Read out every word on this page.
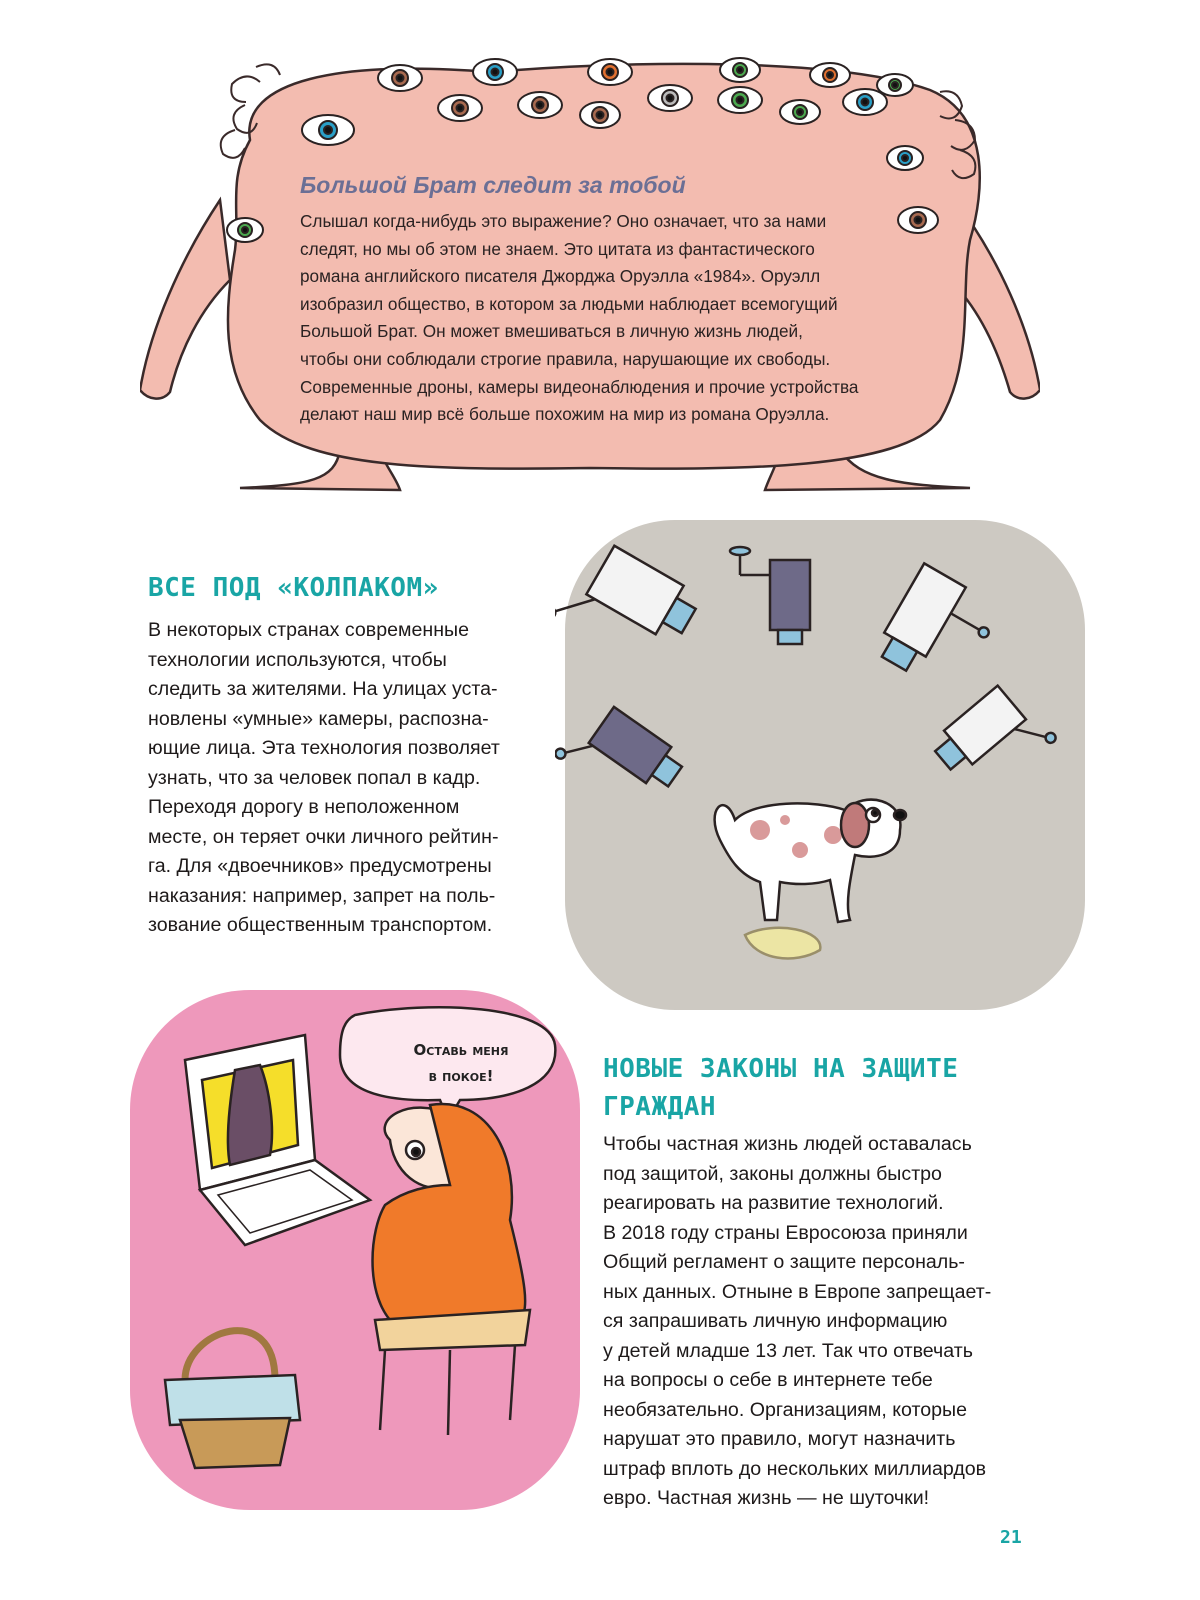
Большой Брат следит за тобой
Слышал когда-нибудь это выражение? Оно означает, что за нами
следят, но мы об этом не знаем. Это цитата из фантастического
романа английского писателя Джорджа Оруэлла «1984». Оруэлл
изобразил общество, в котором за людьми наблюдает всемогущий
Большой Брат. Он может вмешиваться в личную жизнь людей,
чтобы они соблюдали строгие правила, нарушающие их свободы.
Современные дроны, камеры видеонаблюдения и прочие устройства
делают наш мир всё больше похожим на мир из романа Оруэлла.
ВСЕ ПОД «КОЛПАКОМ»
В некоторых странах современные
технологии используются, чтобы
следить за жителями. На улицах уста-
новлены «умные» камеры, распозна-
ющие лица. Эта технология позволяет
узнать, что за человек попал в кадр.
Переходя дорогу в неположенном
месте, он теряет очки личного рейтин-
га. Для «двоечников» предусмотрены
наказания: например, запрет на поль-
зование общественным транспортом.
Оставь меня
в покое!	НОВЫЕ ЗАКОНЫ НА ЗАЩИТЕ
ГРАЖДАН
Чтобы частная жизнь людей оставалась
под защитой, законы должны быстро
реагировать на развитие технологий.
В 2018 году страны Евросоюза приняли
Общий регламент о защите персональ-
ных данных. Отныне в Европе запрещает-
ся запрашивать личную информацию
у детей младше 13 лет. Так что отвечать
на вопросы о себе в интернете тебе
необязательно. Организациям, которые
нарушат это правило, могут назначить
штраф вплоть до нескольких миллиардов
евро. Частная жизнь — не шуточки!
21
